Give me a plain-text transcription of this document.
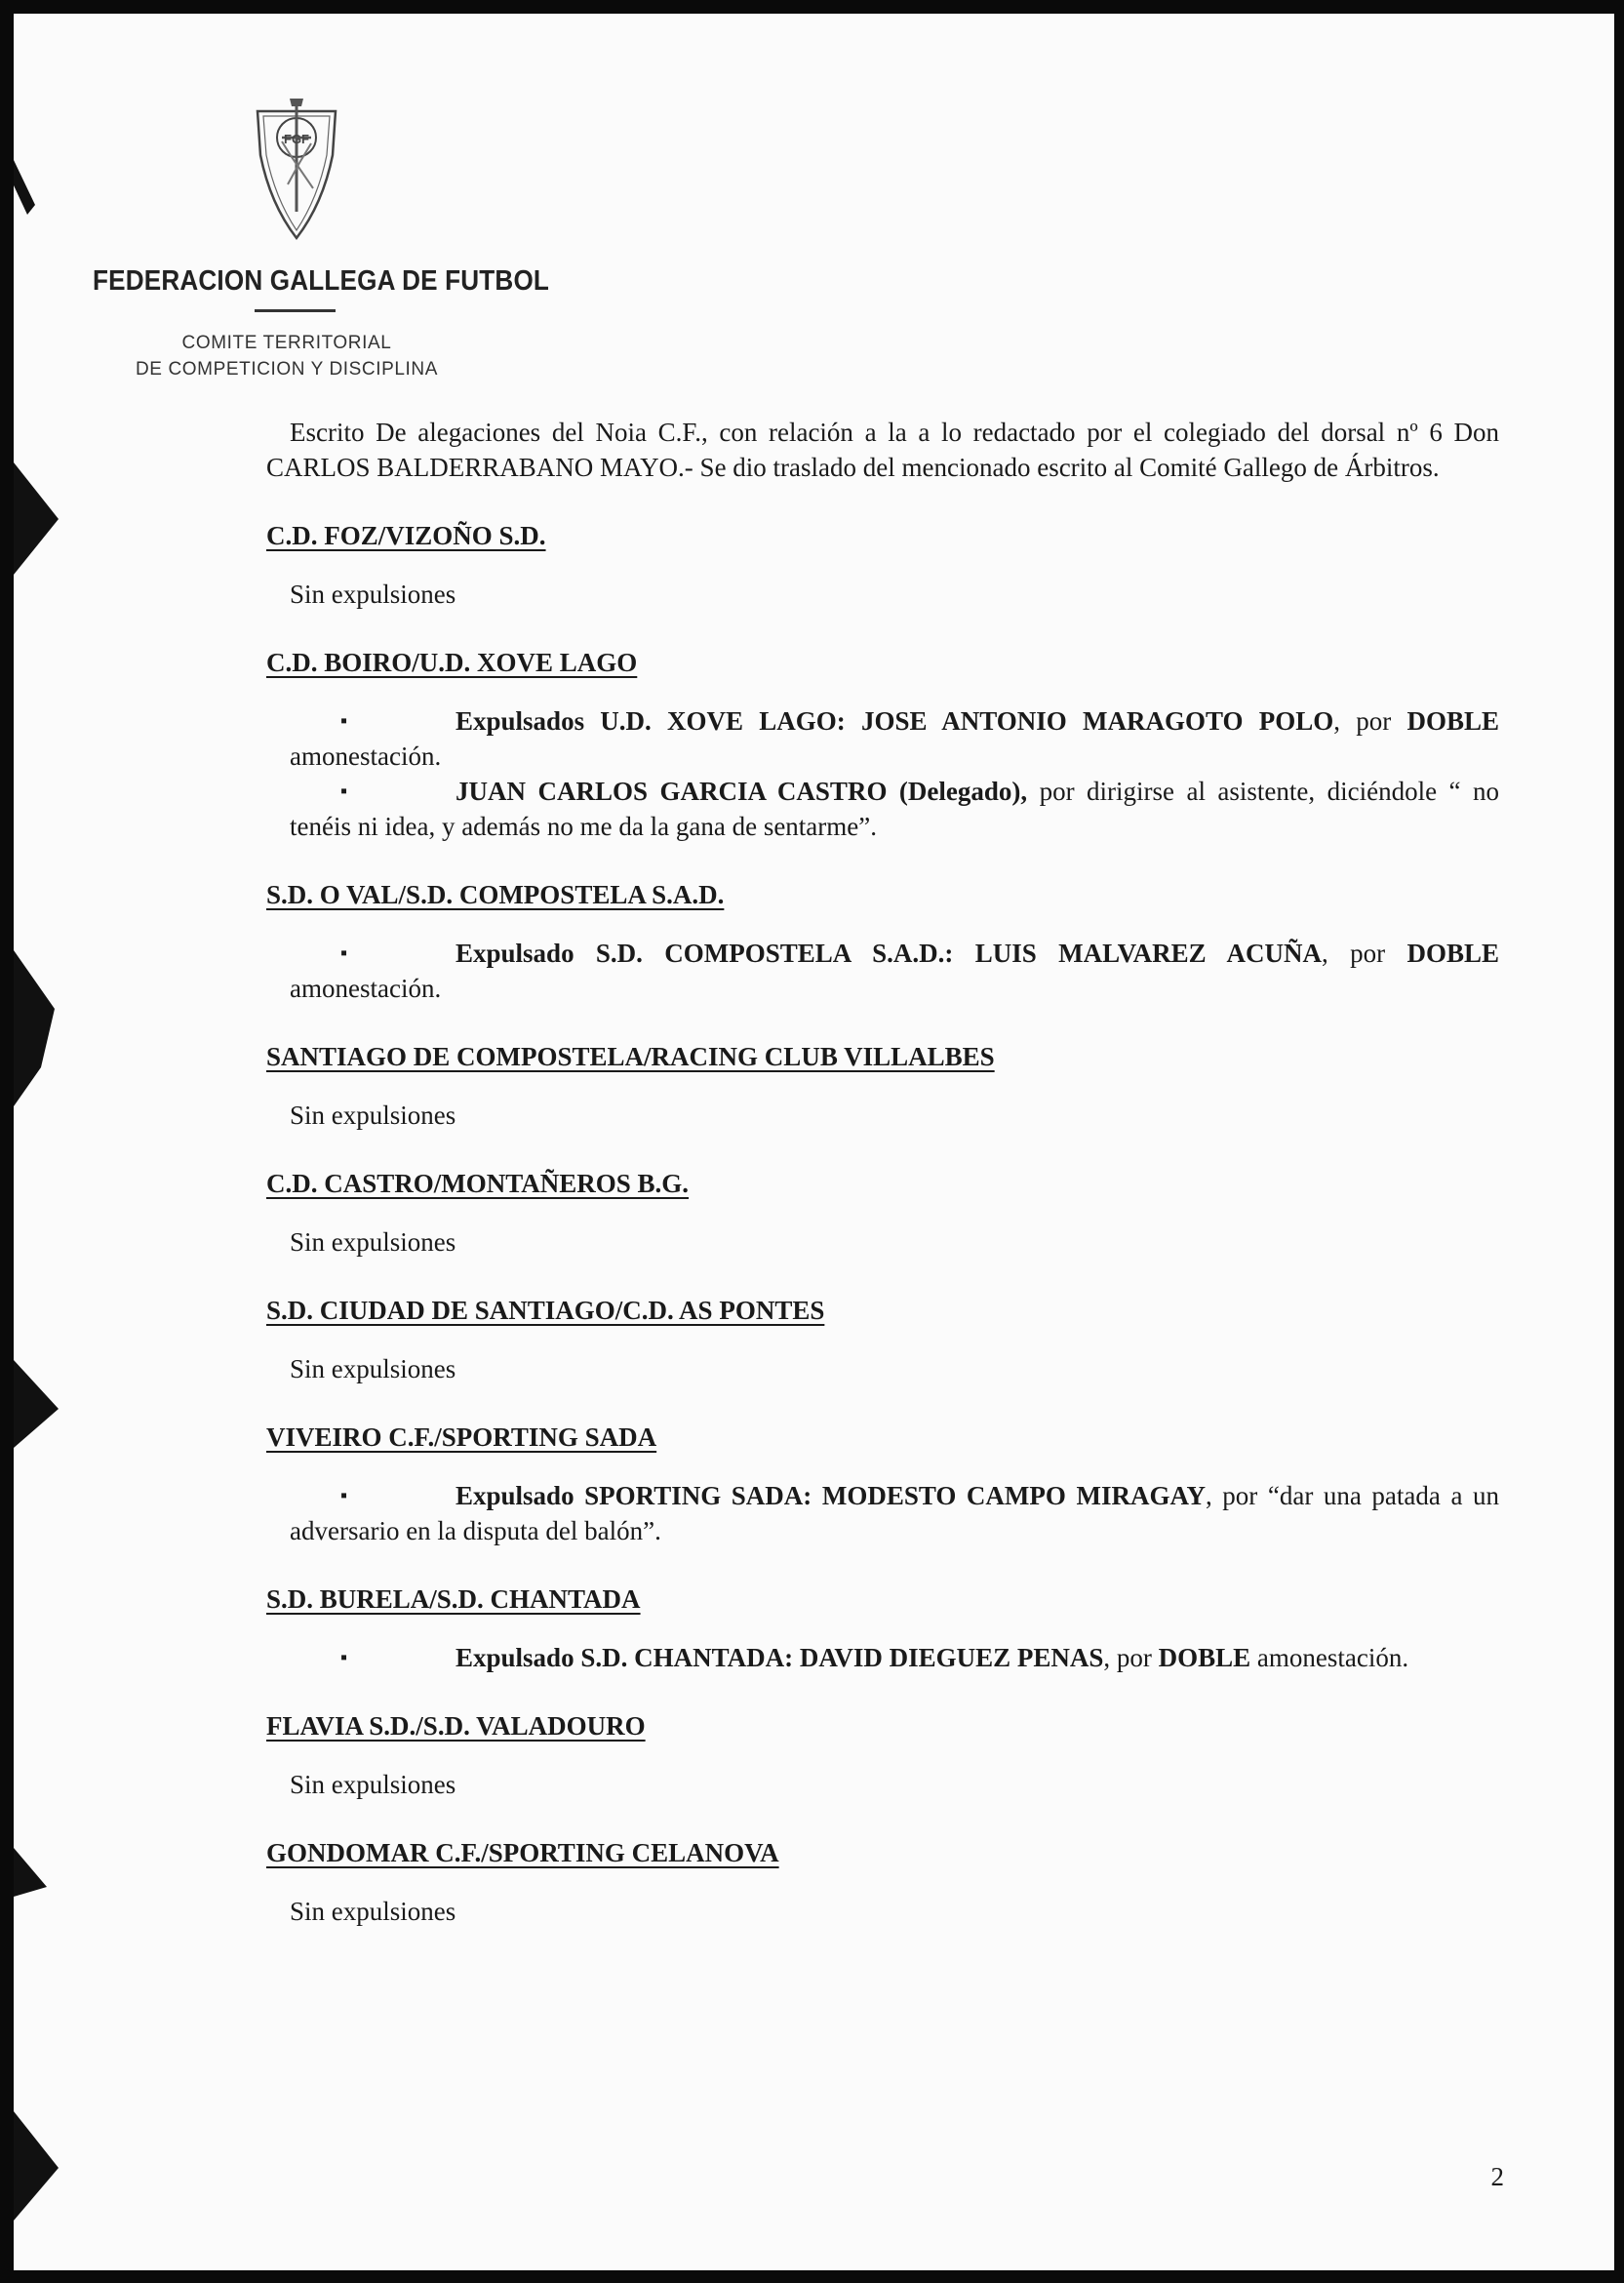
FGF
FEDERACION GALLEGA DE FUTBOL
COMITE TERRITORIAL
DE COMPETICION Y DISCIPLINA

Escrito De alegaciones del Noia C.F., con relación a la a lo redactado por el colegiado del dorsal nº 6 Don CARLOS BALDERRABANO MAYO.- Se dio traslado del mencionado escrito al Comité Gallego de Árbitros.

C.D. FOZ/VIZOÑO S.D.
Sin expulsiones
C.D. BOIRO/U.D. XOVE LAGO
▪	Expulsados U.D. XOVE LAGO: JOSE ANTONIO MARAGOTO POLO, por DOBLE amonestación.
▪	JUAN CARLOS GARCIA CASTRO (Delegado), por dirigirse al asistente, diciéndole “ no tenéis ni idea, y además no me da la gana de sentarme”.
S.D. O VAL/S.D. COMPOSTELA S.A.D.
▪	Expulsado S.D. COMPOSTELA S.A.D.: LUIS MALVAREZ ACUÑA, por DOBLE amonestación.
SANTIAGO DE COMPOSTELA/RACING CLUB VILLALBES
Sin expulsiones
C.D. CASTRO/MONTAÑEROS B.G.
Sin expulsiones
S.D. CIUDAD DE SANTIAGO/C.D. AS PONTES
Sin expulsiones
VIVEIRO C.F./SPORTING SADA
▪	Expulsado SPORTING SADA: MODESTO CAMPO MIRAGAY, por “dar una patada a un adversario en la disputa del balón”.
S.D. BURELA/S.D. CHANTADA
▪	Expulsado S.D. CHANTADA: DAVID DIEGUEZ PENAS, por DOBLE amonestación.
FLAVIA S.D./S.D. VALADOURO
Sin expulsiones
GONDOMAR C.F./SPORTING CELANOVA
Sin expulsiones
2
